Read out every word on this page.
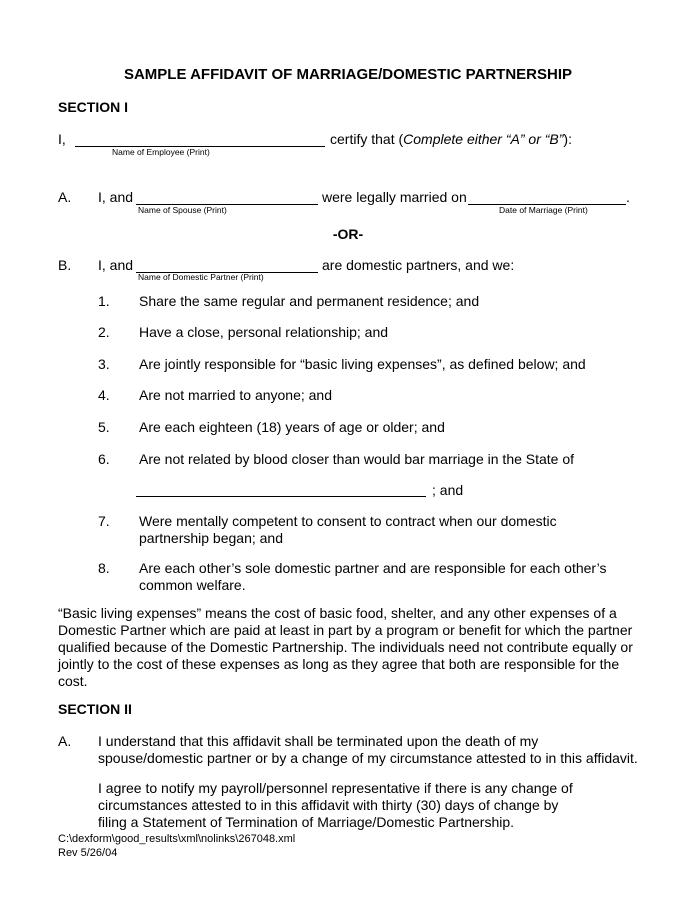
SAMPLE AFFIDAVIT OF MARRIAGE/DOMESTIC PARTNERSHIP
SECTION I
I,	certify that (Complete either “A” or “B”):
Name of Employee (Print)
A. I, and	were legally married on	.
Name of Spouse (Print)	Date of Marriage (Print)
-OR-
B. I, and	are domestic partners, and we:
Name of Domestic Partner (Print)
1. Share the same regular and permanent residence; and
2. Have a close, personal relationship; and
3. Are jointly responsible for “basic living expenses”, as defined below; and
4. Are not married to anyone; and
5. Are each eighteen (18) years of age or older; and
6. Are not related by blood closer than would bar marriage in the State of
; and
7. Were mentally competent to consent to contract when our domestic partnership began; and
8. Are each other’s sole domestic partner and are responsible for each other’s common welfare.
“Basic living expenses” means the cost of basic food, shelter, and any other expenses of a Domestic Partner which are paid at least in part by a program or benefit for which the partner qualified because of the Domestic Partnership. The individuals need not contribute equally or jointly to the cost of these expenses as long as they agree that both are responsible for the cost.
SECTION II
A. I understand that this affidavit shall be terminated upon the death of my spouse/domestic partner or by a change of my circumstance attested to in this affidavit.
I agree to notify my payroll/personnel representative if there is any change of circumstances attested to in this affidavit with thirty (30) days of change by filing a Statement of Termination of Marriage/Domestic Partnership.
C:\dexform\good_results\xml\nolinks\267048.xml
Rev 5/26/04
